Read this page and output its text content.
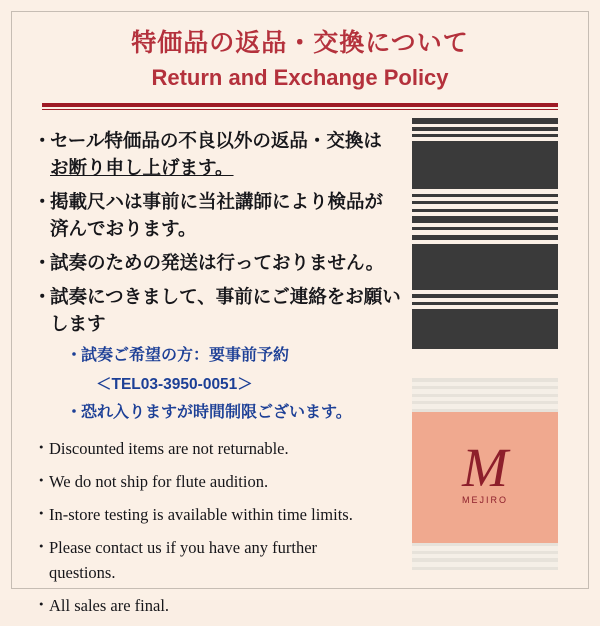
特価品の返品・交換について
Return and Exchange Policy
・
セール特価品の不良以外の返品・交換は
お断り申し上げます。
・
掲載尺ハは事前に当社講師により検品が
済んでおります。
・
試奏のための発送は行っておりません。
・
試奏につきまして、事前にご連絡をお願い
します
・
試奏ご希望の方：要事前予約
＜TEL03-3950-0051＞
・
恐れ入りますが時間制限ございます。
・ Discounted items are not returnable.
・ We do not ship for flute audition.
・ In-store testing is available within time limits.
・ Please contact us if you have any further
questions.
・ All sales are final.
M
MEJIRO
